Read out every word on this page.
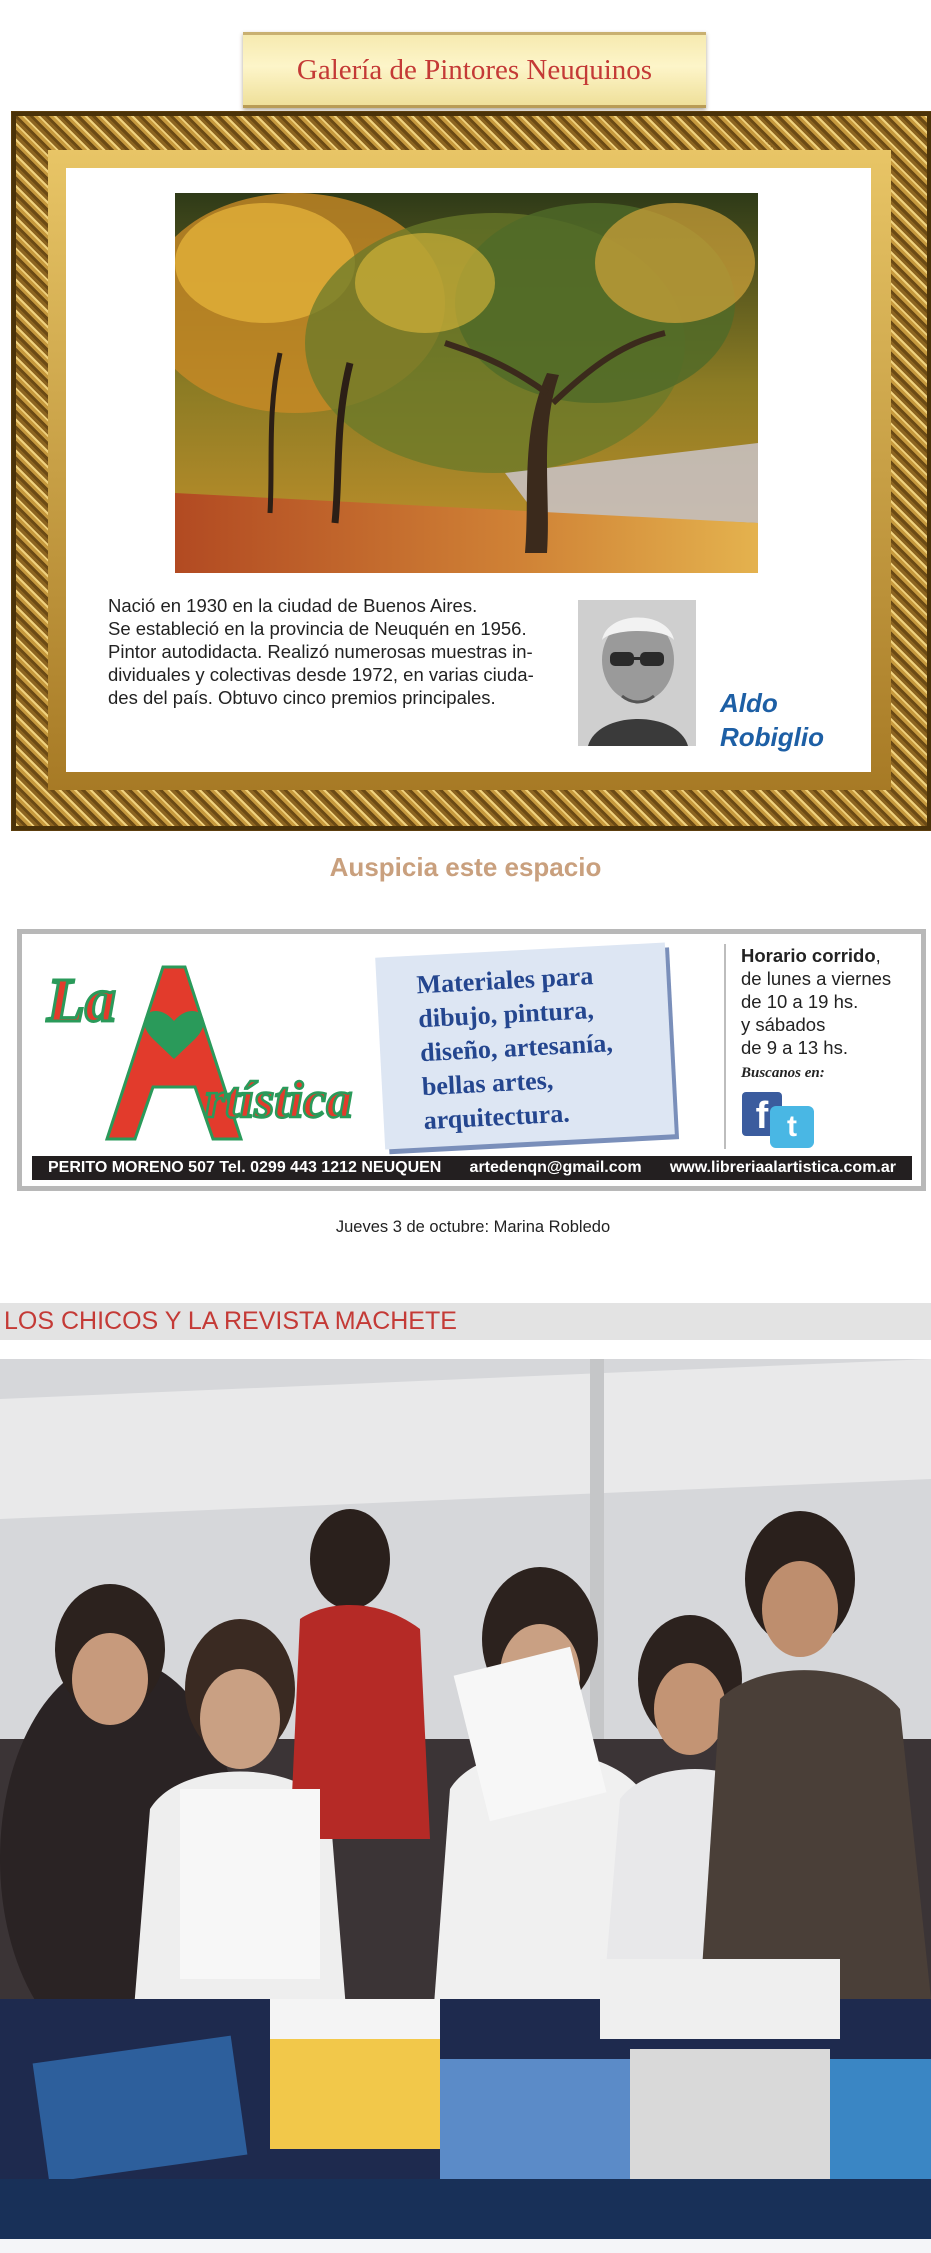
Galería de Pintores Neuquinos
Nació en 1930 en la ciudad de Buenos Aires.
Se estableció en la provincia de Neuquén en 1956.
Pintor autodidacta. Realizó numerosas muestras in-
dividuales y colectivas desde 1972, en varias ciuda-
des del país. Obtuvo cinco premios principales.	Aldo
Robiglio
Auspicia este espacio
La
rtística
Materiales para
dibujo, pintura,
diseño, artesanía,
bellas artes,
arquitectura.
Horario corrido,
de lunes a viernes
de 10 a 19 hs.
y sábados
de 9 a 13 hs.
Buscanos en:
f t
PERITO MORENO 507 Tel. 0299 443 1212 NEUQUEN artedenqn@gmail.com www.libreriaalartistica.com.ar
Jueves 3 de octubre: Marina Robledo
LOS CHICOS Y LA REVISTA MACHETE
